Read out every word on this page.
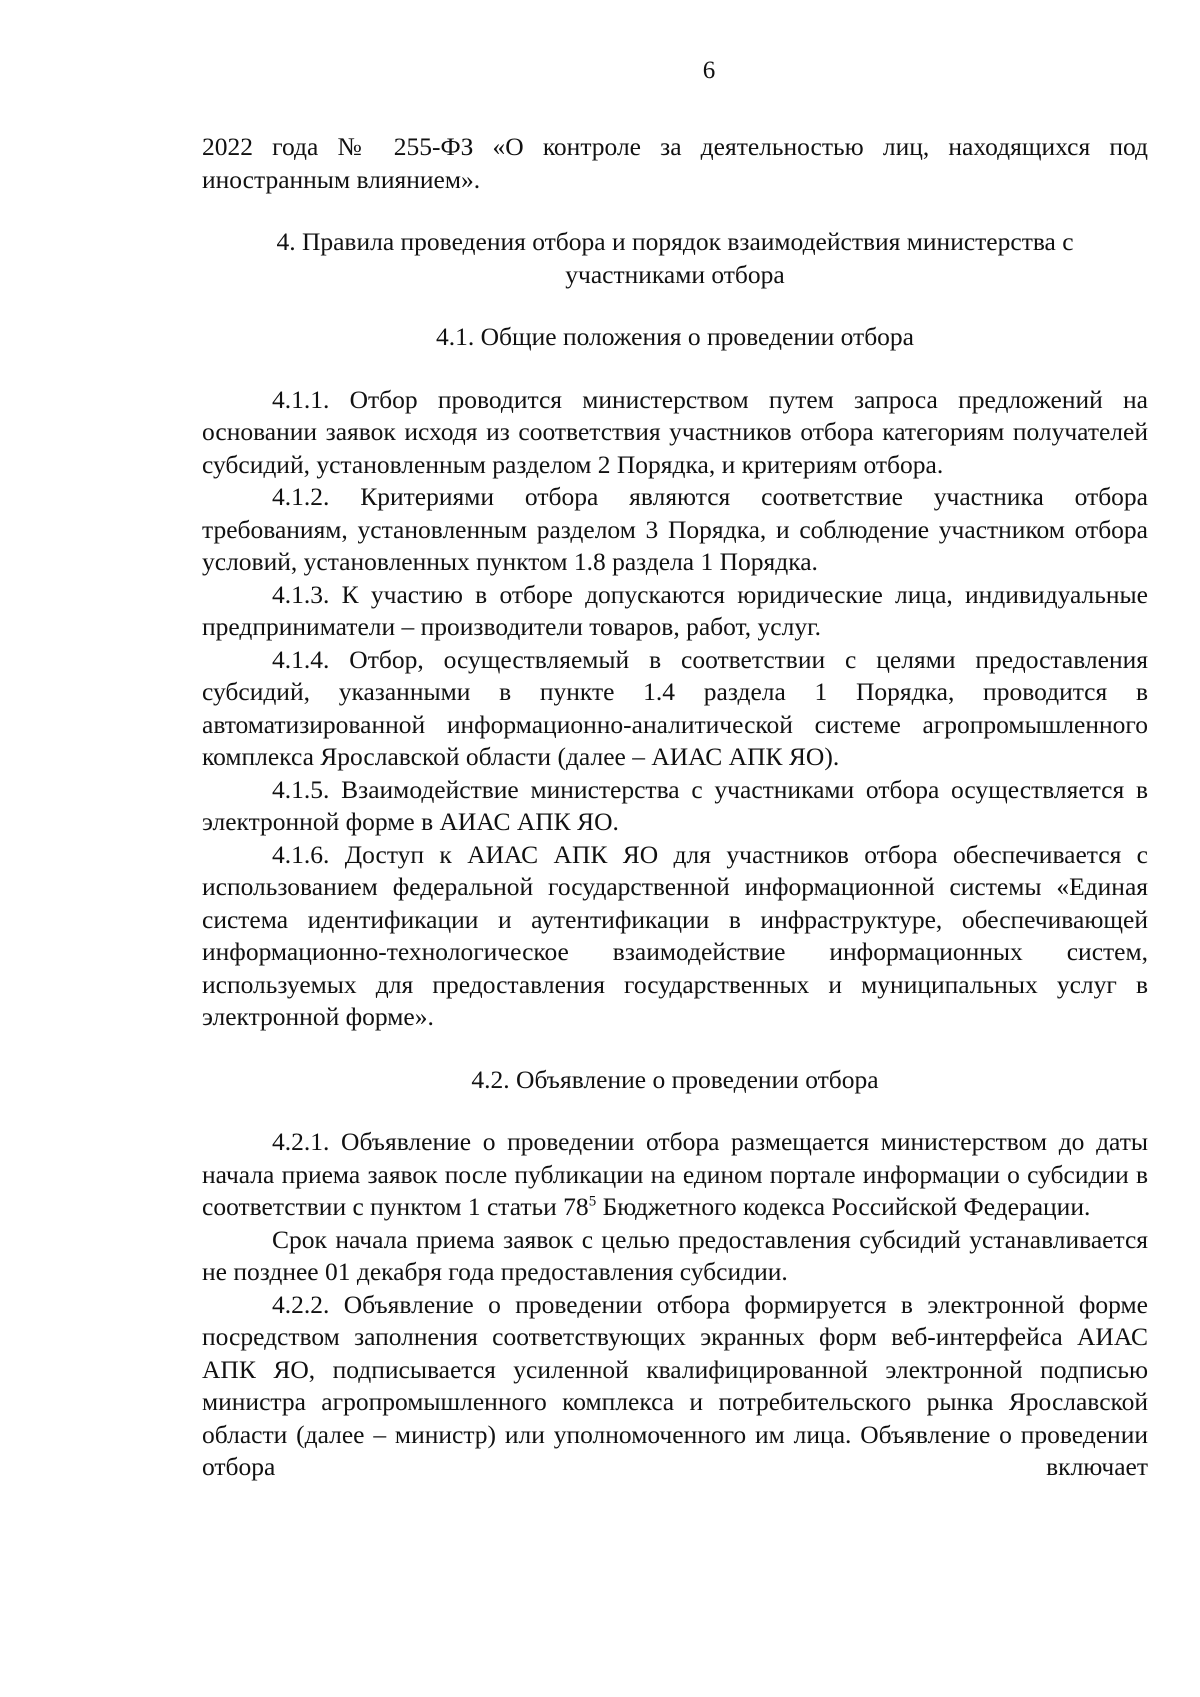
6

2022 года № 255-ФЗ «О контроле за деятельностью лиц, находящихся под иностранным влиянием».

4. Правила проведения отбора и порядок взаимодействия министерства с участниками отбора

4.1. Общие положения о проведении отбора

4.1.1. Отбор проводится министерством путем запроса предложений на основании заявок исходя из соответствия участников отбора категориям получателей субсидий, установленным разделом 2 Порядка, и критериям отбора.

4.1.2. Критериями отбора являются соответствие участника отбора требованиям, установленным разделом 3 Порядка, и соблюдение участником отбора условий, установленных пунктом 1.8 раздела 1 Порядка.

4.1.3. К участию в отборе допускаются юридические лица, индивидуальные предприниматели – производители товаров, работ, услуг.

4.1.4. Отбор, осуществляемый в соответствии с целями предоставления субсидий, указанными в пункте 1.4 раздела 1 Порядка, проводится в автоматизированной информационно-аналитической системе агропромышленного комплекса Ярославской области (далее – АИАС АПК ЯО).

4.1.5. Взаимодействие министерства с участниками отбора осуществляется в электронной форме в АИАС АПК ЯО.

4.1.6. Доступ к АИАС АПК ЯО для участников отбора обеспечивается с использованием федеральной государственной информационной системы «Единая система идентификации и аутентификации в инфраструктуре, обеспечивающей информационно-технологическое взаимодействие информационных систем, используемых для предоставления государственных и муниципальных услуг в электронной форме».

4.2. Объявление о проведении отбора

4.2.1. Объявление о проведении отбора размещается министерством до даты начала приема заявок после публикации на едином портале информации о субсидии в соответствии с пунктом 1 статьи $78^5$ Бюджетного кодекса Российской Федерации.

Срок начала приема заявок с целью предоставления субсидий устанавливается не позднее 01 декабря года предоставления субсидии.

4.2.2. Объявление о проведении отбора формируется в электронной форме посредством заполнения соответствующих экранных форм веб-интерфейса АИАС АПК ЯО, подписывается усиленной квалифицированной электронной подписью министра агропромышленного комплекса и потребительского рынка Ярославской области (далее – министр) или уполномоченного им лица. Объявление о проведении отбора включает
